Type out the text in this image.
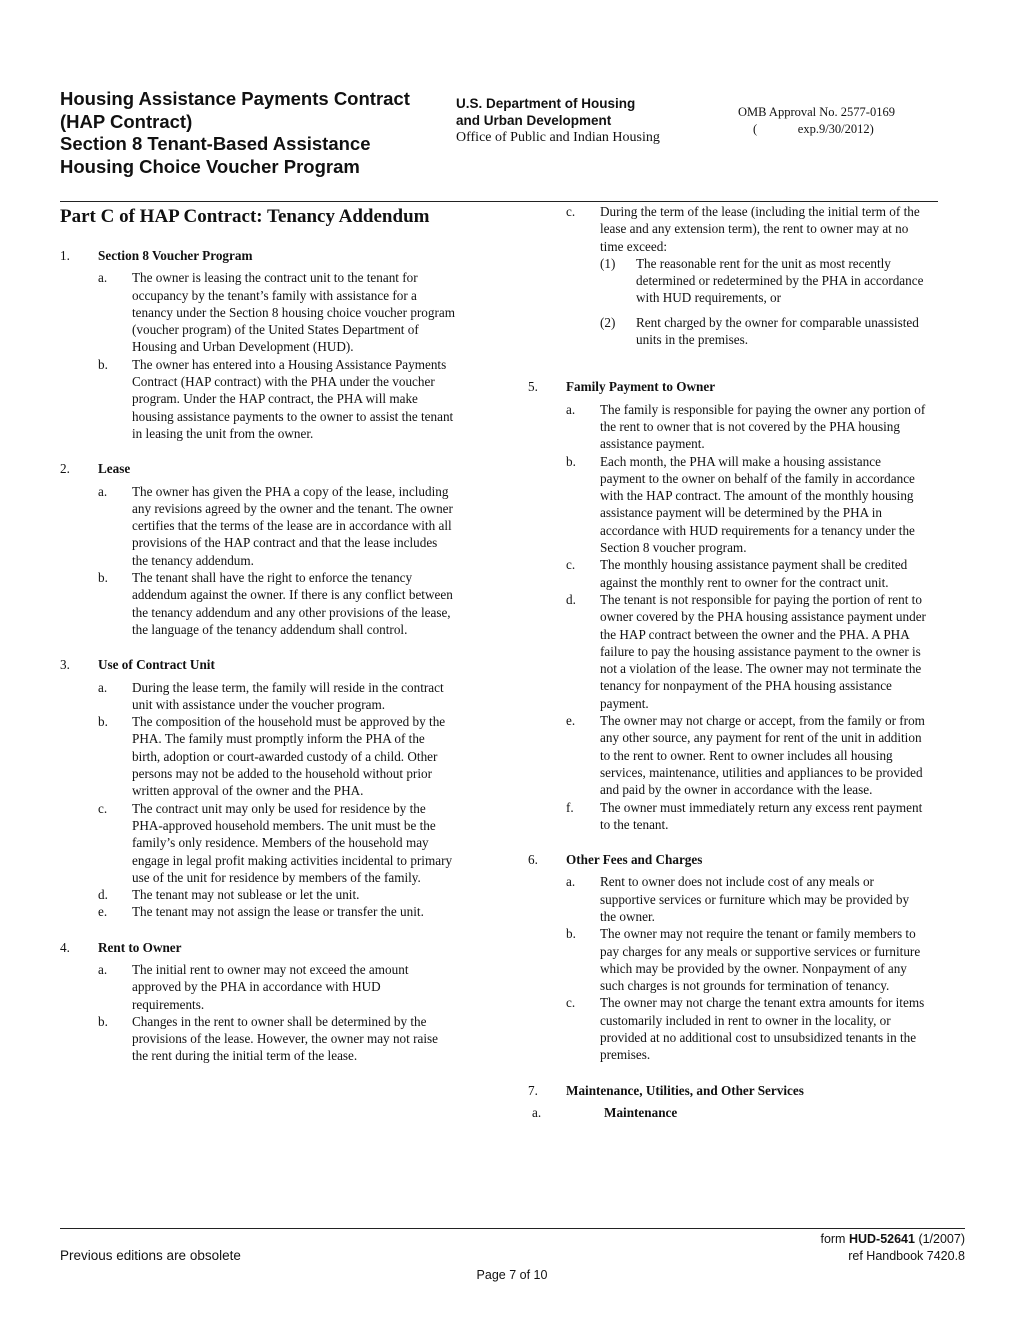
Housing Assistance Payments Contract
(HAP Contract)
Section 8 Tenant-Based Assistance
Housing Choice Voucher Program
U.S. Department of Housing
and Urban Development
Office of Public and Indian Housing
OMB Approval No. 2577-0169
(             exp.9/30/2012)
Part C of HAP Contract: Tenancy Addendum
1.	Section 8 Voucher Program
a.	The owner is leasing the contract unit to the tenant for occupancy by the tenant’s family with assistance for a tenancy under the Section 8 housing choice voucher program (voucher program) of the United States Department of Housing and Urban Development (HUD).
b.	The owner has entered into a Housing Assistance Payments Contract (HAP contract) with the PHA under the voucher program. Under the HAP contract, the PHA will make housing assistance payments to the owner to assist the tenant in leasing the unit from the owner.
2.	Lease
a.	The owner has given the PHA a copy of the lease, including any revisions agreed by the owner and the tenant. The owner certifies that the terms of the lease are in accordance with all provisions of the HAP contract and that the lease includes the tenancy addendum.
b.	The tenant shall have the right to enforce the tenancy addendum against the owner. If there is any conflict between the tenancy addendum and any other provisions of the lease, the language of the tenancy addendum shall control.
3.	Use of Contract Unit
a.	During the lease term, the family will reside in the contract unit with assistance under the voucher program.
b.	The composition of the household must be approved by the PHA. The family must promptly inform the PHA of the birth, adoption or court-awarded custody of a child. Other persons may not be added to the household without prior written approval of the owner and the PHA.
c.	The contract unit may only be used for residence by the PHA-approved household members. The unit must be the family’s only residence. Members of the household may engage in legal profit making activities incidental to primary use of the unit for residence by members of the family.
d.	The tenant may not sublease or let the unit.
e.	The tenant may not assign the lease or transfer the unit.
4.	Rent to Owner
a.	The initial rent to owner may not exceed the amount approved by the PHA in accordance with HUD requirements.
b.	Changes in the rent to owner shall be determined by the provisions of the lease. However, the owner may not raise the rent during the initial term of the lease.
c.	During the term of the lease (including the initial term of the lease and any extension term), the rent to owner may at no time exceed:
(1)	The reasonable rent for the unit as most recently determined or redetermined by the PHA in accordance with HUD requirements, or
(2)	Rent charged by the owner for comparable unassisted units in the premises.
5.	Family Payment to Owner
a.	The family is responsible for paying the owner any portion of the rent to owner that is not covered by the PHA housing assistance payment.
b.	Each month, the PHA will make a housing assistance payment to the owner on behalf of the family in accordance with the HAP contract. The amount of the monthly housing assistance payment will be determined by the PHA in accordance with HUD requirements for a tenancy under the Section 8 voucher program.
c.	The monthly housing assistance payment shall be credited against the monthly rent to owner for the contract unit.
d.	The tenant is not responsible for paying the portion of rent to owner covered by the PHA housing assistance payment under the HAP contract between the owner and the PHA. A PHA failure to pay the housing assistance payment to the owner is not a violation of the lease. The owner may not terminate the tenancy for nonpayment of the PHA housing assistance payment.
e.	The owner may not charge or accept, from the family or from any other source, any payment for rent of the unit in addition to the rent to owner. Rent to owner includes all housing services, maintenance, utilities and appliances to be provided and paid by the owner in accordance with the lease.
f.	The owner must immediately return any excess rent payment to the tenant.
6.	Other Fees and Charges
a.	Rent to owner does not include cost of any meals or supportive services or furniture which may be provided by the owner.
b.	The owner may not require the tenant or family members to pay charges for any meals or supportive services or furniture which may be provided by the owner. Nonpayment of any such charges is not grounds for termination of tenancy.
c.	The owner may not charge the tenant extra amounts for items customarily included in rent to owner in the locality, or provided at no additional cost to unsubsidized tenants in the premises.
7.	Maintenance, Utilities, and Other Services
a.	Maintenance
Previous editions are obsolete
form HUD-52641 (1/2007)
ref Handbook 7420.8
Page 7 of 10
